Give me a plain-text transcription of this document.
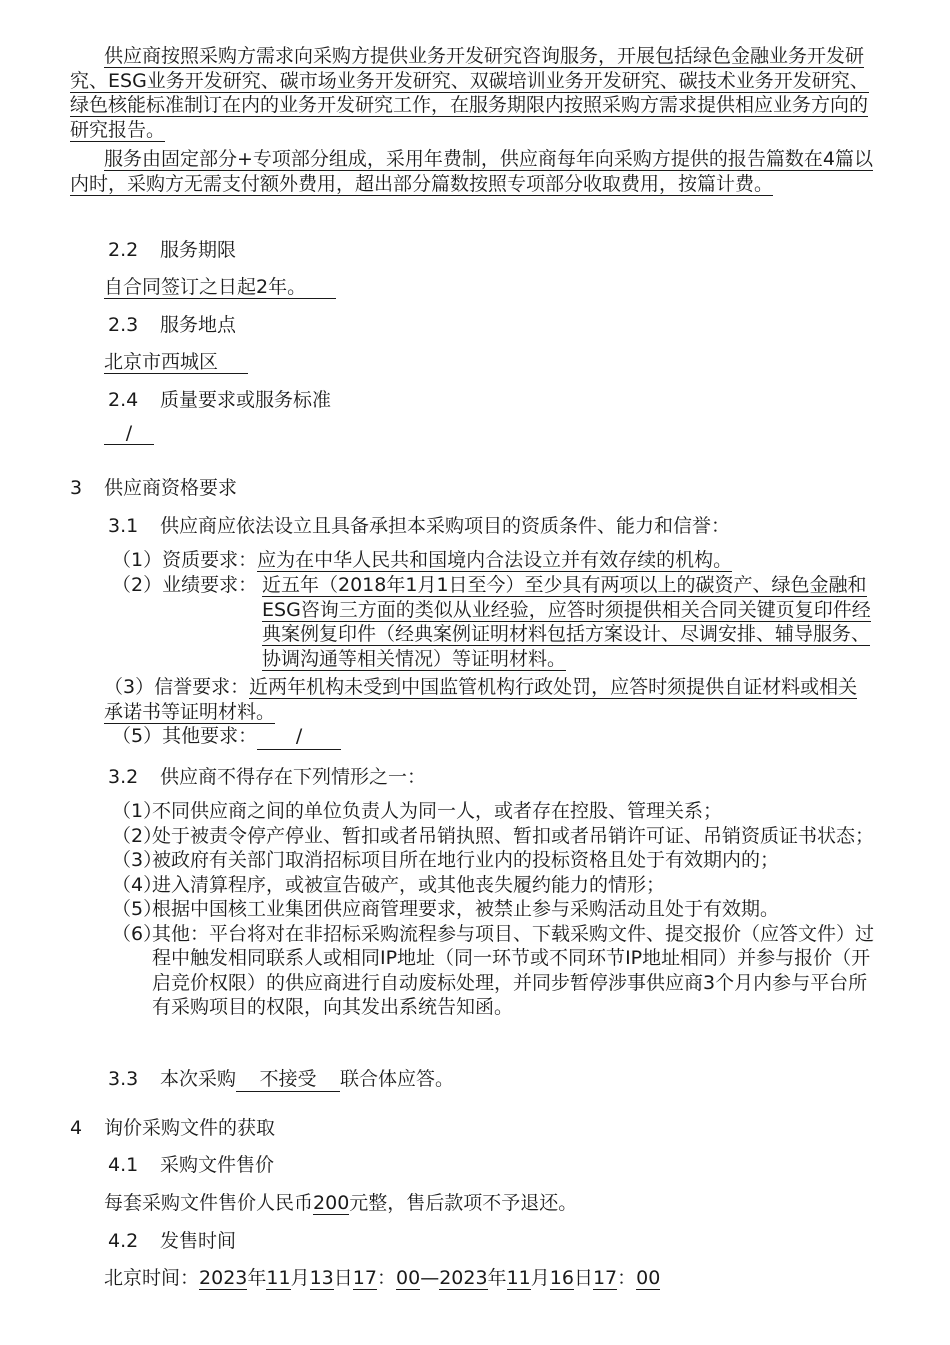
供应商按照采购方需求向采购方提供业务开发研究咨询服务，开展包括绿色金融业务开发研究、ESG业务开发研究、碳市场业务开发研究、双碳培训业务开发研究、碳技术业务开发研究、绿色核能标准制订在内的业务开发研究工作，在服务期限内按照采购方需求提供相应业务方向的研究报告。

服务由固定部分+专项部分组成，采用年费制，供应商每年向采购方提供的报告篇数在4篇以内时，采购方无需支付额外费用，超出部分篇数按照专项部分收取费用，按篇计费。

2.2 服务期限

自合同签订之日起2年。

2.3 服务地点

北京市西城区

2.4 质量要求或服务标准

/

3 供应商资格要求

3.1 供应商应依法设立且具备承担本采购项目的资质条件、能力和信誉：

（1）资质要求：应为在中华人民共和国境内合法设立并有效存续的机构。

（2）业绩要求： 近五年（2018年1月1日至今）至少具有两项以上的碳资产、绿色金融和ESG咨询三方面的类似从业经验，应答时须提供相关合同关键页复印件经典案例复印件（经典案例证明材料包括方案设计、尽调安排、辅导服务、协调沟通等相关情况）等证明材料。

（3）信誉要求：近两年机构未受到中国监管机构行政处罚，应答时须提供自证材料或相关承诺书等证明材料。

（5）其他要求： /

3.2 供应商不得存在下列情形之一：

（1）
不同供应商之间的单位负责人为同一人，或者存在控股、管理关系；
（2）
处于被责令停产停业、暂扣或者吊销执照、暂扣或者吊销许可证、吊销资质证书状态；
（3）
被政府有关部门取消招标项目所在地行业内的投标资格且处于有效期内的；
（4）
进入清算程序，或被宣告破产，或其他丧失履约能力的情形；
（5）
根据中国核工业集团供应商管理要求，被禁止参与采购活动且处于有效期。
（6）
其他：平台将对在非招标采购流程参与项目、下载采购文件、提交报价（应答文件）过程中触发相同联系人或相同IP地址（同一环节或不同环节IP地址相同）并参与报价（开启竞价权限）的供应商进行自动废标处理，并同步暂停涉事供应商3个月内参与平台所有采购项目的权限，向其发出系统告知函。

3.3 本次采购 不接受 联合体应答。

4 询价采购文件的获取

4.1 采购文件售价

每套采购文件售价人民币200元整，售后款项不予退还。

4.2 发售时间

北京时间：2023年11月13日17：00—2023年11月16日17：00
